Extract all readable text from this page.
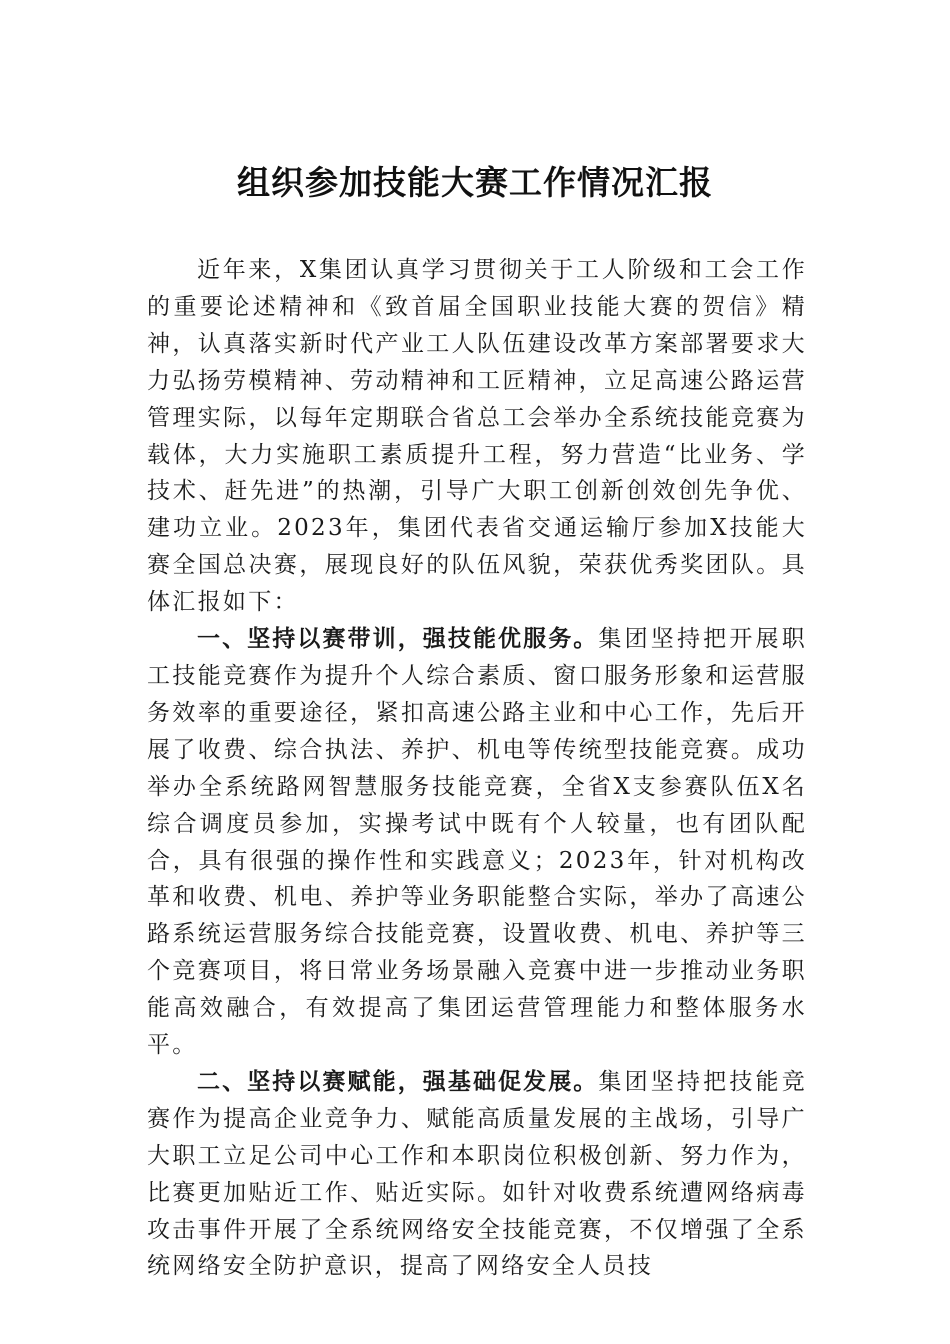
组织参加技能大赛工作情况汇报

近年来，X集团认真学习贯彻关于工人阶级和工会工作的重要论述精神和《致首届全国职业技能大赛的贺信》精神，认真落实新时代产业工人队伍建设改革方案部署要求大力弘扬劳模精神、劳动精神和工匠精神，立足高速公路运营管理实际，以每年定期联合省总工会举办全系统技能竞赛为载体，大力实施职工素质提升工程，努力营造“比业务、学技术、赶先进”的热潮，引导广大职工创新创效创先争优、建功立业。2023年，集团代表省交通运输厅参加X技能大赛全国总决赛，展现良好的队伍风貌，荣获优秀奖团队。具体汇报如下：

一、坚持以赛带训，强技能优服务。集团坚持把开展职工技能竞赛作为提升个人综合素质、窗口服务形象和运营服务效率的重要途径，紧扣高速公路主业和中心工作，先后开展了收费、综合执法、养护、机电等传统型技能竞赛。成功举办全系统路网智慧服务技能竞赛，全省X支参赛队伍X名综合调度员参加，实操考试中既有个人较量，也有团队配合，具有很强的操作性和实践意义；2023年，针对机构改革和收费、机电、养护等业务职能整合实际，举办了高速公路系统运营服务综合技能竞赛，设置收费、机电、养护等三个竞赛项目，将日常业务场景融入竞赛中进一步推动业务职能高效融合，有效提高了集团运营管理能力和整体服务水平。

二、坚持以赛赋能，强基础促发展。集团坚持把技能竞赛作为提高企业竞争力、赋能高质量发展的主战场，引导广大职工立足公司中心工作和本职岗位积极创新、努力作为，比赛更加贴近工作、贴近实际。如针对收费系统遭网络病毒攻击事件开展了全系统网络安全技能竞赛，不仅增强了全系统网络安全防护意识，提高了网络安全人员技
